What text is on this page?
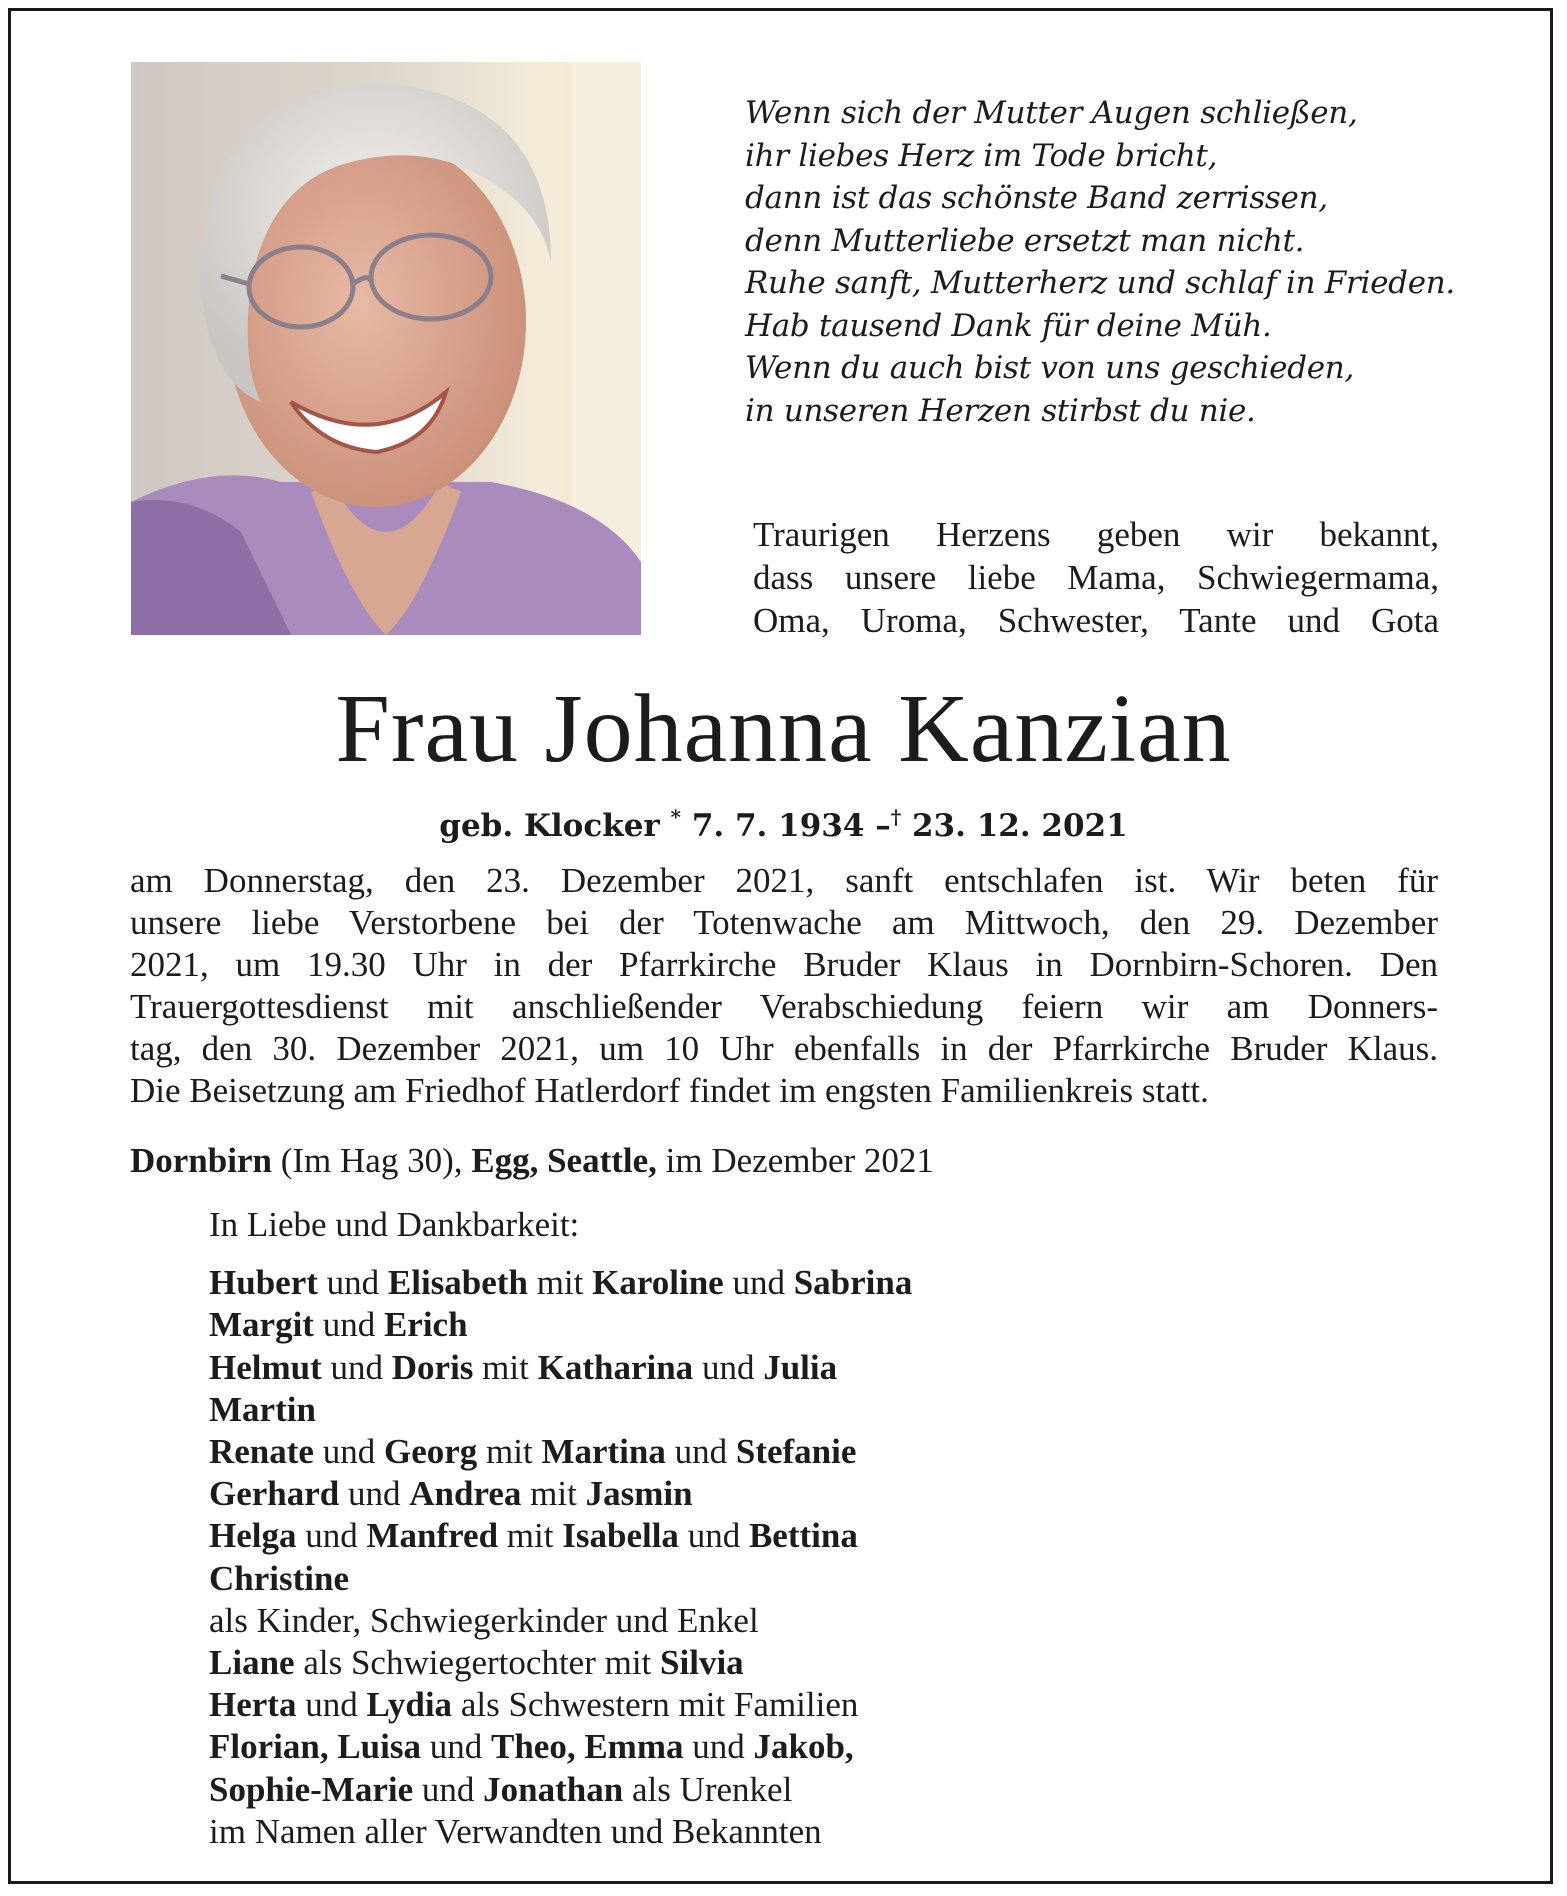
Wenn sich der Mutter Augen schließen,
ihr liebes Herz im Tode bricht,
dann ist das schönste Band zerrissen,
denn Mutterliebe ersetzt man nicht.
Ruhe sanft, Mutterherz und schlaf in Frieden.
Hab tausend Dank für deine Müh.
Wenn du auch bist von uns geschieden,
in unseren Herzen stirbst du nie.
Traurigen Herzens geben wir bekannt,
dass unsere liebe Mama, Schwiegermama,
Oma, Uroma, Schwester, Tante und Gota
Frau Johanna Kanzian
geb. Klocker * 7. 7. 1934 –† 23. 12. 2021
am Donnerstag, den 23. Dezember 2021, sanft entschlafen ist. Wir beten für
unsere liebe Verstorbene bei der Totenwache am Mittwoch, den 29. Dezember
2021, um 19.30 Uhr in der Pfarrkirche Bruder Klaus in Dornbirn-Schoren. Den
Trauergottesdienst mit anschließender Verabschiedung feiern wir am Donners-
tag, den 30. Dezember 2021, um 10 Uhr ebenfalls in der Pfarrkirche Bruder Klaus.
Die Beisetzung am Friedhof Hatlerdorf findet im engsten Familienkreis statt.
Dornbirn (Im Hag 30), Egg, Seattle, im Dezember 2021
In Liebe und Dankbarkeit:
Hubert und Elisabeth mit Karoline und Sabrina
Margit und Erich
Helmut und Doris mit Katharina und Julia
Martin
Renate und Georg mit Martina und Stefanie
Gerhard und Andrea mit Jasmin
Helga und Manfred mit Isabella und Bettina
Christine
als Kinder, Schwiegerkinder und Enkel
Liane als Schwiegertochter mit Silvia
Herta und Lydia als Schwestern mit Familien
Florian, Luisa und Theo, Emma und Jakob,
Sophie-Marie und Jonathan als Urenkel
im Namen aller Verwandten und Bekannten
